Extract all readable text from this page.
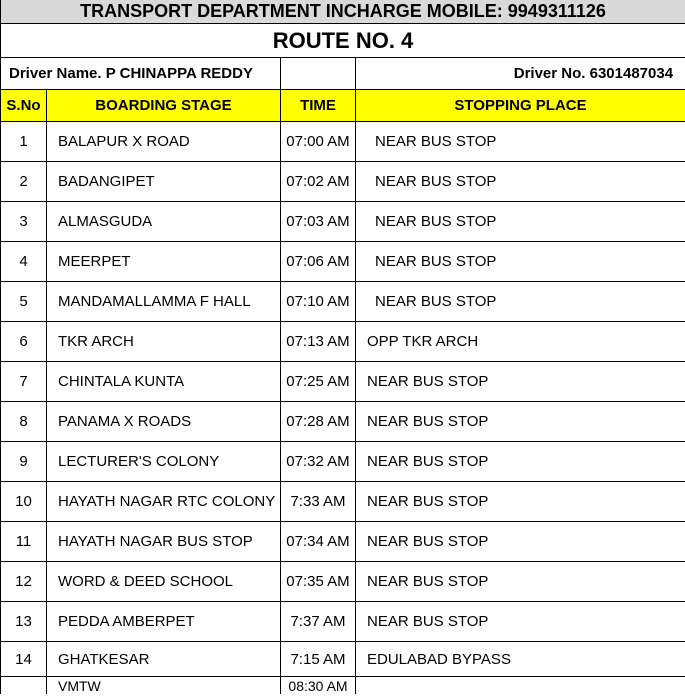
TRANSPORT DEPARTMENT INCHARGE MOBILE: 9949311126			
ROUTE NO. 4			
Driver Name. P CHINAPPA REDDY			Driver No. 6301487034
S.No	BOARDING STAGE	TIME	STOPPING PLACE
1	BALAPUR X ROAD	07:00 AM	NEAR BUS STOP
2	BADANGIPET	07:02 AM	NEAR BUS STOP
3	ALMASGUDA	07:03 AM	NEAR BUS STOP
4	MEERPET	07:06 AM	NEAR BUS STOP
5	MANDAMALLAMMA F HALL	07:10 AM	NEAR BUS STOP
6	TKR ARCH	07:13 AM	OPP TKR ARCH
7	CHINTALA KUNTA	07:25 AM	NEAR BUS STOP
8	PANAMA X ROADS	07:28 AM	NEAR BUS STOP
9	LECTURER'S COLONY	07:32 AM	NEAR BUS STOP
10	HAYATH NAGAR RTC COLONY	7:33 AM	NEAR BUS STOP
11	HAYATH NAGAR BUS STOP	07:34 AM	NEAR BUS STOP
12	WORD & DEED SCHOOL	07:35 AM	NEAR BUS STOP
13	PEDDA AMBERPET	7:37 AM	NEAR BUS STOP
14	GHATKESAR	7:15 AM	EDULABAD BYPASS
	VMTW	08:30 AM	
